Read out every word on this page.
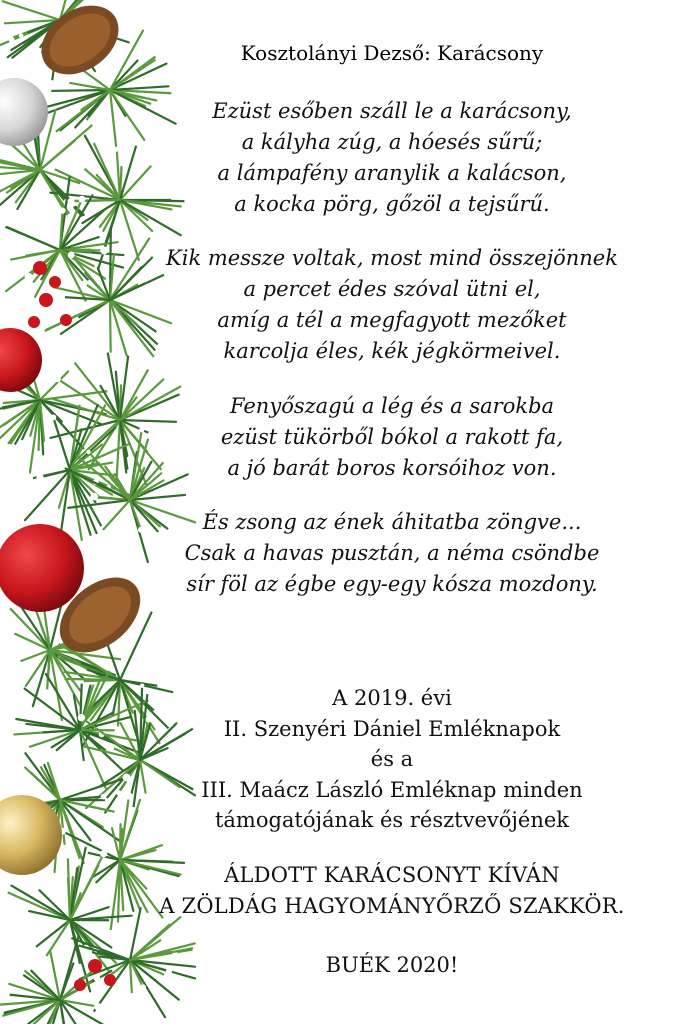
Kosztolányi Dezső: Karácsony
Ezüst esőben száll le a karácsony,
a kályha zúg, a hóesés sűrű;
a lámpafény aranylik a kalácson,
a kocka pörg, gőzöl a tejsűrű.
Kik messze voltak, most mind összejönnek
a percet édes szóval ütni el,
amíg a tél a megfagyott mezőket
karcolja éles, kék jégkörmeivel.
Fenyőszagú a lég és a sarokba
ezüst tükörből bókol a rakott fa,
a jó barát boros korsóihoz von.
És zsong az ének áhitatba zöngve...
Csak a havas pusztán, a néma csöndbe
sír föl az égbe egy-egy kósza mozdony.
A 2019. évi
II. Szenyéri Dániel Emléknapok
és a
III. Maácz László Emléknap minden
támogatójának és résztvevőjének
ÁLDOTT KARÁCSONYT KÍVÁN
A ZÖLDÁG HAGYOMÁNYŐRZŐ SZAKKÖR.
BUÉK 2020!
